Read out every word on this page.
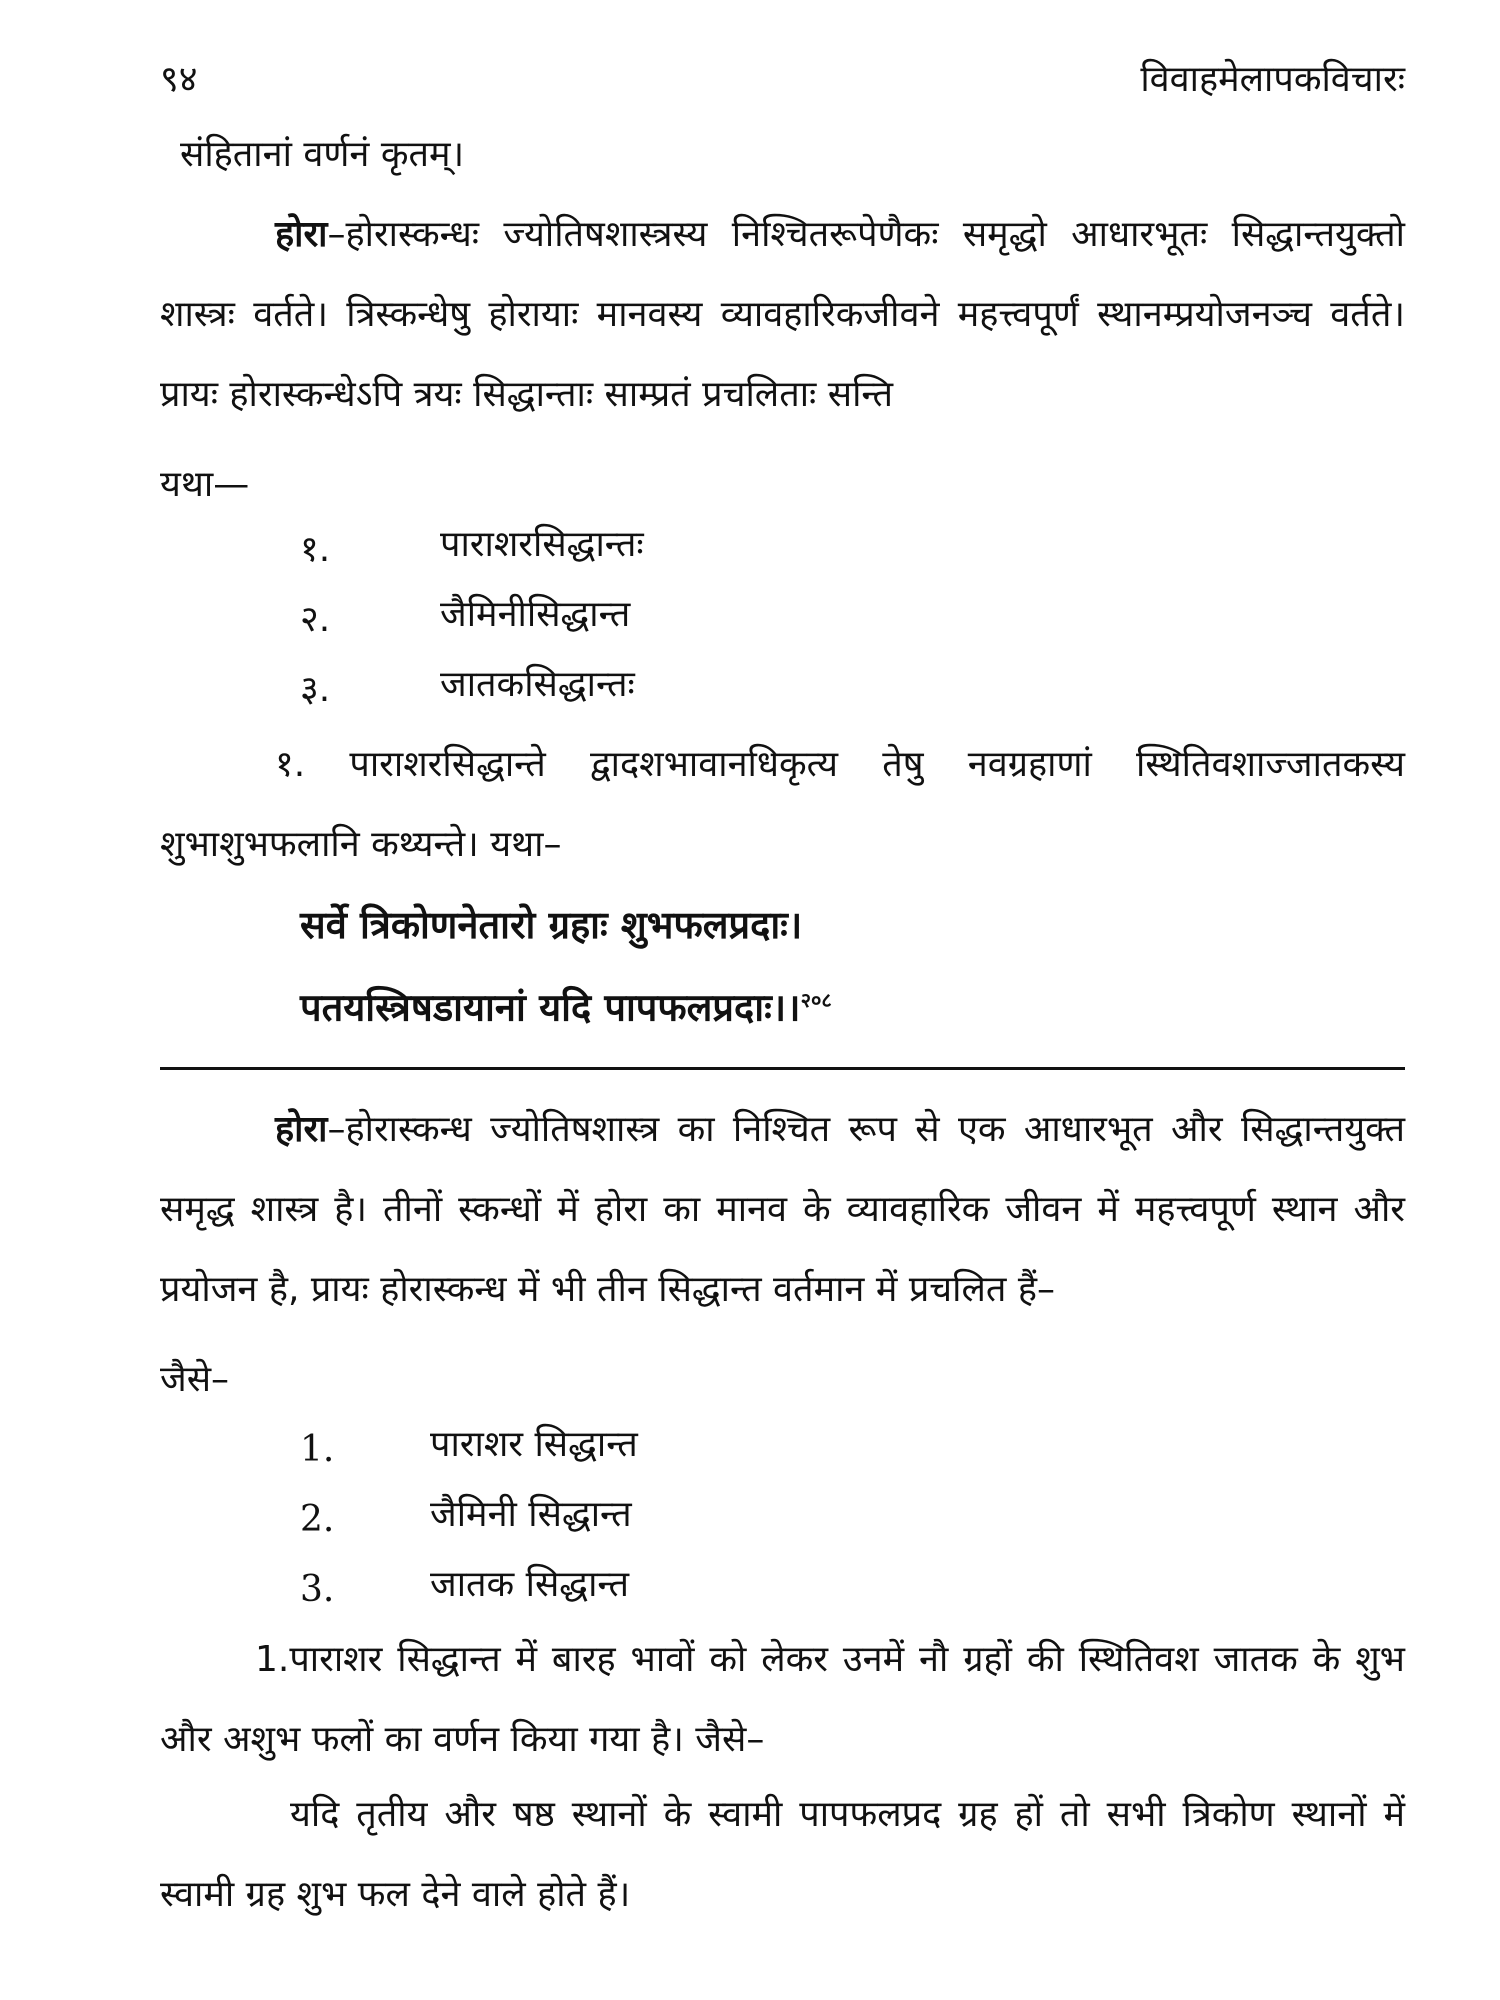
९४	विवाहमेलापकविचारः
संहितानां वर्णनं कृतम्।
होरा–होरास्कन्धः ज्योतिषशास्त्रस्य निश्चितरूपेणैकः समृद्धो आधारभूतः सिद्धान्तयुक्तो शास्त्रः वर्तते। त्रिस्कन्धेषु होरायाः मानवस्य व्यावहारिकजीवने महत्त्वपूर्णं स्थानम्प्रयोजनञ्च वर्तते। प्रायः होरास्कन्धेऽपि त्रयः सिद्धान्ताः साम्प्रतं प्रचलिताः सन्ति
यथा—
१.	पाराशरसिद्धान्तः
२.	जैमिनीसिद्धान्त
३.	जातकसिद्धान्तः
१. पाराशरसिद्धान्ते द्वादशभावानधिकृत्य तेषु नवग्रहाणां स्थितिवशाज्जातकस्य शुभाशुभफलानि कथ्यन्ते। यथा–
सर्वे त्रिकोणनेतारो ग्रहाः शुभफलप्रदाः।
पतयस्त्रिषडायानां यदि पापफलप्रदाः।।$^{२०८}$
होरा–होरास्कन्ध ज्योतिषशास्त्र का निश्चित रूप से एक आधारभूत और सिद्धान्तयुक्त समृद्ध शास्त्र है। तीनों स्कन्धों में होरा का मानव के व्यावहारिक जीवन में महत्त्वपूर्ण स्थान और प्रयोजन है, प्रायः होरास्कन्ध में भी तीन सिद्धान्त वर्तमान में प्रचलित हैं–
जैसे–
1.	पाराशर सिद्धान्त
2.	जैमिनी सिद्धान्त
3.	जातक सिद्धान्त
1.पाराशर सिद्धान्त में बारह भावों को लेकर उनमें नौ ग्रहों की स्थितिवश जातक के शुभ और अशुभ फलों का वर्णन किया गया है। जैसे–
यदि तृतीय और षष्ठ स्थानों के स्वामी पापफलप्रद ग्रह हों तो सभी त्रिकोण स्थानों में स्वामी ग्रह शुभ फल देने वाले होते हैं।
